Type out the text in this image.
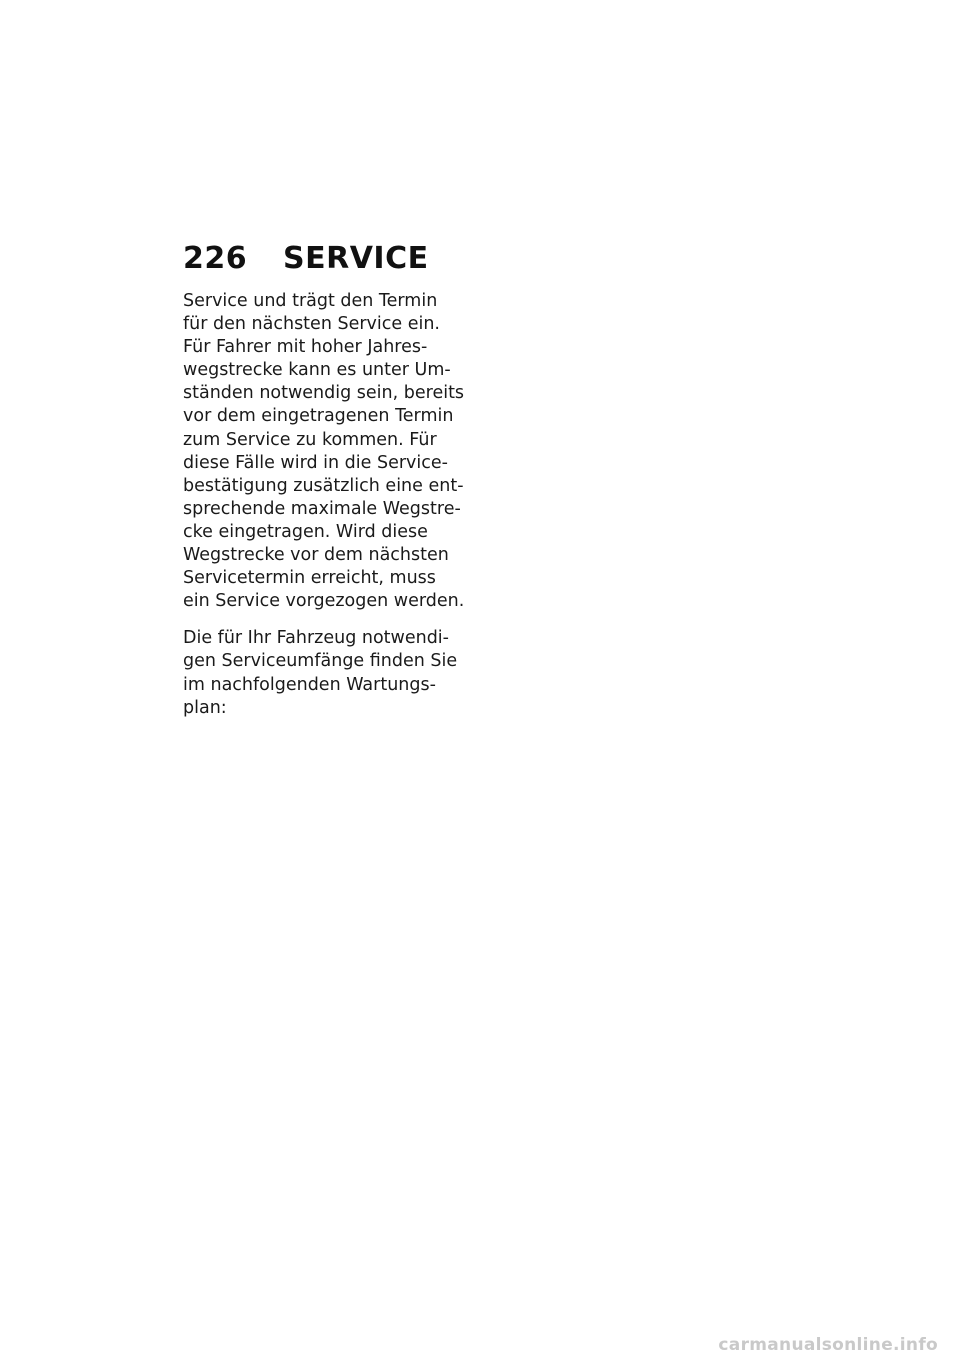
226	SERVICE
Service und trägt den Termin
für den nächsten Service ein.
Für Fahrer mit hoher Jahres-
wegstrecke kann es unter Um-
ständen notwendig sein, bereits
vor dem eingetragenen Termin
zum Service zu kommen. Für
diese Fälle wird in die Service-
bestätigung zusätzlich eine ent-
sprechende maximale Wegstre-
cke eingetragen. Wird diese
Wegstrecke vor dem nächsten
Servicetermin erreicht, muss
ein Service vorgezogen werden.
Die für Ihr Fahrzeug notwendi-
gen Serviceumfänge finden Sie
im nachfolgenden Wartungs-
plan:
carmanualsonline.info
